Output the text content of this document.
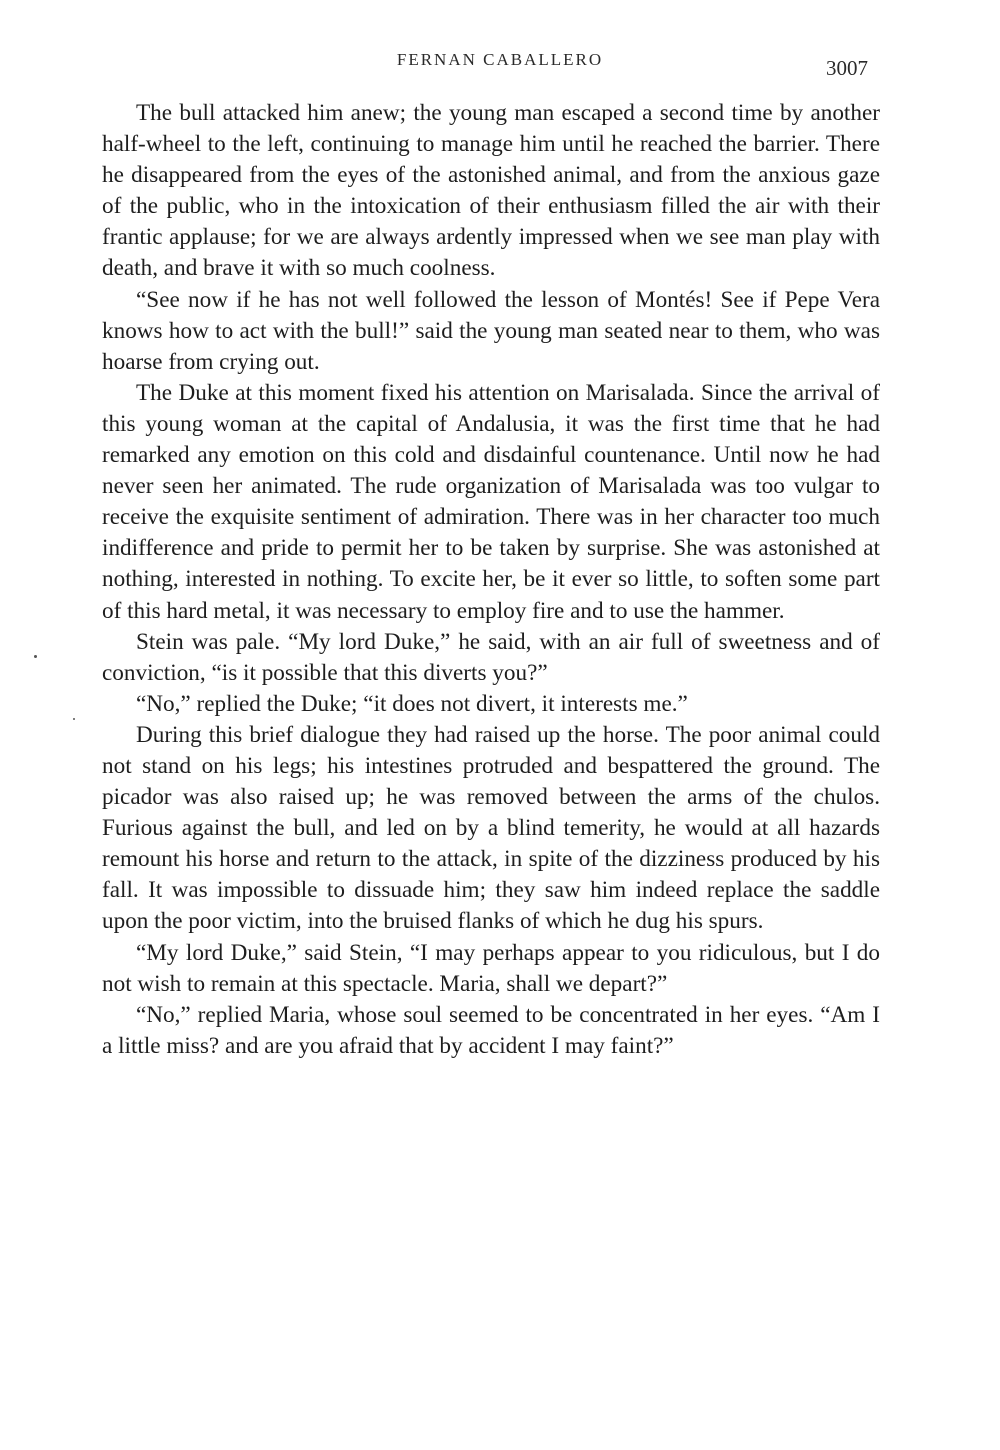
FERNAN CABALLERO	3007

The bull attacked him anew; the young man escaped a second time by another half-wheel to the left, continuing to manage him until he reached the barrier. There he disappeared from the eyes of the astonished animal, and from the anxious gaze of the public, who in the intoxication of their enthusiasm filled the air with their frantic applause; for we are always ardently impressed when we see man play with death, and brave it with so much coolness.

“See now if he has not well followed the lesson of Montés! See if Pepe Vera knows how to act with the bull!” said the young man seated near to them, who was hoarse from crying out.

The Duke at this moment fixed his attention on Marisalada. Since the arrival of this young woman at the capital of Andalusia, it was the first time that he had remarked any emotion on this cold and disdainful countenance. Until now he had never seen her animated. The rude organization of Marisalada was too vulgar to receive the exquisite sentiment of admiration. There was in her character too much indifference and pride to permit her to be taken by surprise. She was astonished at nothing, interested in nothing. To excite her, be it ever so little, to soften some part of this hard metal, it was necessary to employ fire and to use the hammer.

Stein was pale. “My lord Duke,” he said, with an air full of sweetness and of conviction, “is it possible that this diverts you?”

“No,” replied the Duke; “it does not divert, it interests me.”

During this brief dialogue they had raised up the horse. The poor animal could not stand on his legs; his intestines protruded and bespattered the ground. The picador was also raised up; he was removed between the arms of the chulos. Furious against the bull, and led on by a blind temerity, he would at all hazards remount his horse and return to the attack, in spite of the dizziness produced by his fall. It was impossible to dissuade him; they saw him indeed replace the saddle upon the poor victim, into the bruised flanks of which he dug his spurs.

“My lord Duke,” said Stein, “I may perhaps appear to you ridiculous, but I do not wish to remain at this spectacle. Maria, shall we depart?”

“No,” replied Maria, whose soul seemed to be concentrated in her eyes. “Am I a little miss? and are you afraid that by accident I may faint?”
